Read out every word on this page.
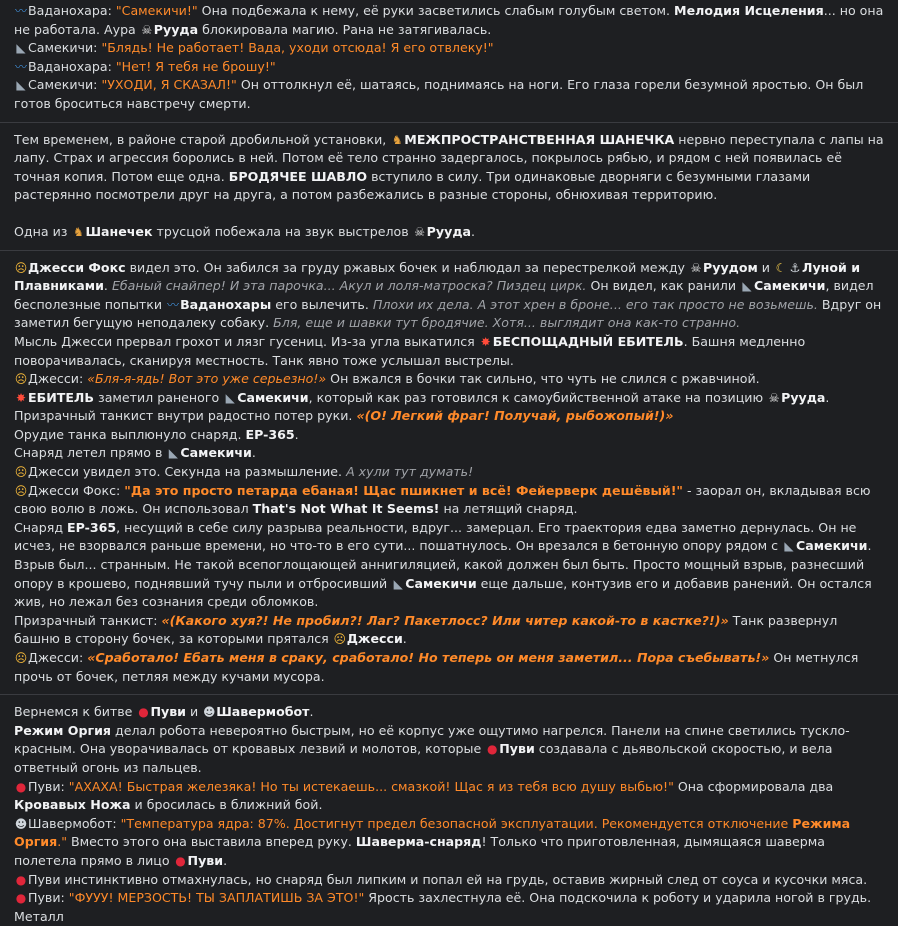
〰Ваданохара: "Самекичи!" Она подбежала к нему, её руки засветились слабым голубым светом. Мелодия Исцеления... но она не работала. Аура ☠ Рууда блокировала магию. Рана не затягивалась.

◣ Самекичи: "Блядь! Не работает! Вада, уходи отсюда! Я его отвлеку!"

〰Ваданохара: "Нет! Я тебя не брошу!"

◣ Самекичи: "УХОДИ, Я СКАЗАЛ!" Он оттолкнул её, шатаясь, поднимаясь на ноги. Его глаза горели безумной яростью. Он был готов броситься навстречу смерти.

Тем временем, в районе старой дробильной установки, ♞ МЕЖПРОСТРАНСТВЕННАЯ ШАНЕЧКА нервно переступала с лапы на лапу. Страх и агрессия боролись в ней. Потом её тело странно задергалось, покрылось рябью, и рядом с ней появилась её точная копия. Потом еще одна. БРОДЯЧЕЕ ШАВЛО вступило в силу. Три одинаковые дворняги с безумными глазами растерянно посмотрели друг на друга, а потом разбежались в разные стороны, обнюхивая территорию.

Одна из ♞ Шанечек трусцой побежала на звук выстрелов ☠ Рууда.

☹Джесси Фокс видел это. Он забился за груду ржавых бочек и наблюдал за перестрелкой между ☠ Руудом и ☾ ⚓ Луной и Плавниками. Ебаный снайпер! И эта парочка... Акул и лоля-матроска? Пиздец цирк. Он видел, как ранили ◣ Самекичи, видел бесполезные попытки 〰Ваданохары его вылечить. Плохи их дела. А этот хрен в броне... его так просто не возьмешь. Вдруг он заметил бегущую неподалеку собаку. Бля, еще и шавки тут бродячие. Хотя... выглядит она как-то странно.

Мысль Джесси прервал грохот и лязг гусениц. Из-за угла выкатился ✸ БЕСПОЩАДНЫЙ ЕБИТЕЛЬ. Башня медленно поворачивалась, сканируя местность. Танк явно тоже услышал выстрелы.

☹Джесси: «Бля-я-ядь! Вот это уже серьезно!» Он вжался в бочки так сильно, что чуть не слился с ржавчиной.

✸ ЕБИТЕЛЬ заметил раненого ◣ Самекичи, который как раз готовился к самоубийственной атаке на позицию ☠ Рууда. Призрачный танкист внутри радостно потер руки. «(О! Легкий фраг! Получай, рыбожопый!)»

Орудие танка выплюнуло снаряд. EP-365.

Снаряд летел прямо в ◣ Самекичи.

☹Джесси увидел это. Секунда на размышление. А хули тут думать!

☹Джесси Фокс: "Да это просто петарда ебаная! Щас пшикнет и всё! Фейерверк дешёвый!" - заорал он, вкладывая всю свою волю в ложь. Он использовал That's Not What It Seems! на летящий снаряд.

Снаряд EP-365, несущий в себе силу разрыва реальности, вдруг... замерцал. Его траектория едва заметно дернулась. Он не исчез, не взорвался раньше времени, но что-то в его сути... пошатнулось. Он врезался в бетонную опору рядом с ◣ Самекичи. Взрыв был... странным. Не такой всепоглощающей аннигиляцией, какой должен был быть. Просто мощный взрыв, разнесший опору в крошево, поднявший тучу пыли и отбросивший ◣ Самекичи еще дальше, контузив его и добавив ранений. Он остался жив, но лежал без сознания среди обломков.

Призрачный танкист: «(Какого хуя?! Не пробил?! Лаг? Пакетлосс? Или читер какой-то в кастке?!)» Танк развернул башню в сторону бочек, за которыми прятался ☹Джесси.

☹Джесси: «Сработало! Ебать меня в сраку, сработало! Но теперь он меня заметил... Пора съебывать!» Он метнулся прочь от бочек, петляя между кучами мусора.

Вернемся к битве ● Пуви и ☻Шавермобот.

Режим Оргия делал робота невероятно быстрым, но её корпус уже ощутимо нагрелся. Панели на спине светились тускло-красным. Она уворачивалась от кровавых лезвий и молотов, которые ● Пуви создавала с дьявольской скоростью, и вела ответный огонь из пальцев.

● Пуви: "АХАХА! Быстрая железяка! Но ты истекаешь... смазкой! Щас я из тебя всю душу выбью!" Она сформировала два Кровавых Ножа и бросилась в ближний бой.

☻Шавермобот: "Температура ядра: 87%. Достигнут предел безопасной эксплуатации. Рекомендуется отключение Режима Оргия." Вместо этого она выставила вперед руку. Шаверма-снаряд! Только что приготовленная, дымящаяся шаверма полетела прямо в лицо ● Пуви.

● Пуви инстинктивно отмахнулась, но снаряд был липким и попал ей на грудь, оставив жирный след от соуса и кусочки мяса.

● Пуви: "ФУУУ! МЕРЗОСТЬ! ТЫ ЗАПЛАТИШЬ ЗА ЭТО!" Ярость захлестнула её. Она подскочила к роботу и ударила ногой в грудь. Металл
